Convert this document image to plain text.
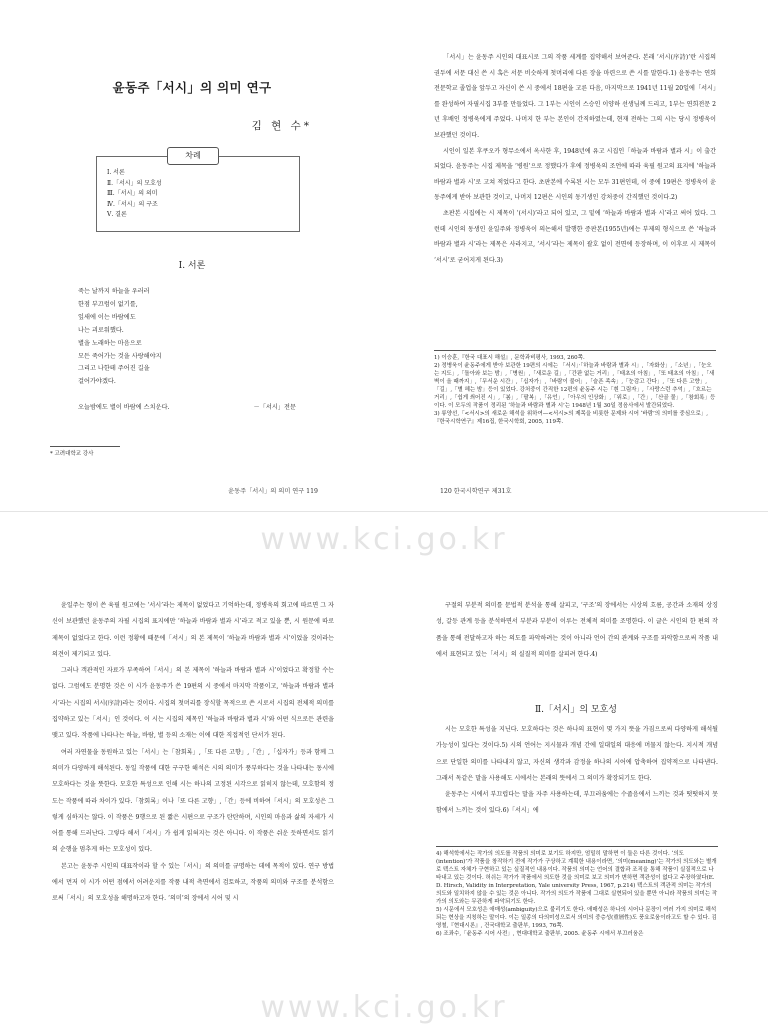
윤동주「서시」의 의미 연구
김 현 수*
차례
Ⅰ. 서론
Ⅱ.「서시」의 모호성
Ⅲ.「서시」의 의미
Ⅳ.「서시」의 구조
Ⅴ. 결론
Ⅰ. 서론
죽는 날까지 하늘을 우러러
한점 부끄럼이 없기를,
잎새에 이는 바람에도
나는 괴로워했다.
별을 노래하는 마음으로
모든 죽어가는 것을 사랑해야지
그리고 나한테 주어진 길을
걸어가야겠다.
오늘밤에도 별이 바람에 스치운다.	－「서시」전문
* 고려대학교 강사
윤동주「서시」의 의미 연구 119

「서시」는 윤동주 시인의 대표시로 그의 작품 세계를 집약해서 보여준다. 본래 ‘서시(序詩)’란 시집의 권두에 서문 대신 쓴 시 혹은 서문 비슷하게 첫머리에 다른 장을 마련으로 쓴 시를 말한다.1) 윤동주는 연희전문학교 졸업을 앞두고 자신이 쓴 시 중에서 18편을 고른 다음, 마지막으로 1941년 11월 20일에「서시」를 완성하여 자필시집 3부를 만들었다. 그 1부는 시인이 스승인 이양하 선생님께 드리고, 1부는 연희전문 2년 후배인 정병욱에게 주었다. 나머지 한 부는 본인이 간직하였는데, 현재 전하는 그의 시는 당시 정병욱이 보관했던 것이다.

시인이 일본 후쿠오카 형무소에서 옥사한 후, 1948년에 유고 시집인「하늘과 바람과 별과 시」이 출간되었다. 윤동주는 시집 제목을 ‘병원’으로 정했다가 후에 정병욱의 조언에 따라 육필 원고의 표지에 ‘하늘과 바람과 별과 시’로 고쳐 적었다고 한다. 초판본에 수록된 시는 모두 31편인데, 이 중에 19편은 정병욱이 윤동주에게 받아 보관한 것이고, 나머지 12편은 시인의 동기생인 강처중이 간직했던 것이다.2)

초판본 시집에는 시 제목이 ‘(서시)’라고 되어 있고, 그 밑에 ‘하늘과 바람과 별과 시’라고 써어 있다. 그런데 시인의 동생인 윤일주와 정병욱이 의논해서 발행한 증판본(1955년)에는 부제의 형식으로 쓴 ‘하늘과 바람과 별과 시’라는 제목은 사라지고, ‘서시’라는 제목이 괄호 없이 전면에 등장하며, 이 이후로 시 제목이 ‘서시’로 굳어지게 된다.3)

1) 이승훈,『한국 대표시 해설』, 문학과비평사, 1993, 260쪽.
2) 정병욱이 윤동주에게 받아 보관한 19편의 시에는 「서시」·「하늘과 바람과 별과 시」,「자화상」,「소년」,「눈오는 지도」,「돌아와 보는 밤」,「병원」,「새로운 길」,「간판 없는 거리」,「태초의 아침」,「또 태초의 아침」,「새벽이 올 때까지」,「무서운 시간」,「십자가」,「바람이 불어」,「슬픈 족속」,「눈감고 간다」,「또 다른 고향」,「길」,「별 헤는 밤」등이 있었다. 강처중이 간직한 12편의 윤동주 시는「흰 그림자」,「사랑스런 추억」,「흐르는 거리」,「쉽게 씌어진 시」,「봄」,「팔복」,「유언」,「아우의 인상화」,「위로」,「간」,「산골 물」,「참회록」등이다. 이 모두의 작품이 정리된 ‘하늘과 바람과 별과 시’는 1948년 1월 30일 정음사에서 발간되었다.
3) 류양선,「<서시>의 새로운 해석을 위하여—<서시>의 제목을 비롯한 문제와 시어 ‘바람’의 의미를 중심으로」,『한국시학연구』제16집, 한국시학회, 2005, 119쪽.
120 한국시학연구 제31호

윤일주는 형이 쓴 육필 원고에는 ‘서시’라는 제목이 없었다고 기억하는데, 정병욱의 회고에 따르면 그 자신이 보관했던 윤동주의 자필 시집의 표지에만 ‘하늘과 바람과 별과 시’라고 적고 있을 뿐, 시 원문에 따로 제목이 없었다고 한다. 이런 정황에 때문에「서시」의 본 제목이 ‘하늘과 바람과 별과 시’이었을 것이라는 의견이 제기되고 있다.

그러나 객관적인 자료가 부족하여「서시」의 본 제목이 ‘하늘과 바람과 별과 시’이었다고 확정할 수는 없다. 그럼에도 분명한 것은 이 시가 윤동주가 쓴 19편의 시 중에서 마지막 작품이고, ‘하늘과 바람과 별과 시’라는 시집의 서시(序詩)라는 것이다. 시집의 첫머리를 장식할 목적으로 쓴 시로서 시집의 전체적 의미를 집약하고 있는「서시」인 것이다. 이 시는 시집의 제목인 ‘하늘과 바람과 별과 시’와 어떤 식으로든 관련을 맺고 있다. 작품에 나타나는 하늘, 바람, 별 등의 소재는 이에 대한 직접적인 단서가 된다.

여러 자연물을 동원하고 있는「서시」는「참회록」,「또 다른 고향」,「간」,「십자가」등과 함께 그 의미가 다양하게 해석된다. 동일 작품에 대한 구구한 해석은 시의 의미가 풍부하다는 것을 나타내는 동시에 모호하다는 것을 뜻한다. 모호한 특성으로 인해 시는 하나의 고정된 시각으로 읽히지 않는데, 모호함의 정도는 작품에 따라 차이가 있다.「참회록」이나「또 다른 고향」,「간」등에 비하여「서시」의 모호성은 그렇게 심하지는 않다. 이 작품은 9행으로 된 짧은 시편으로 구조가 탄탄하며, 시인의 마음과 삶의 자세가 시어를 통해 드러난다. 그렇다 해서「서시」가 쉽게 읽혀지는 것은 아니다. 이 작품은 쉬운 듯하면서도 읽기의 순행을 멈추게 하는 모호성이 있다.

본고는 윤동주 시인의 대표작이라 할 수 있는「서시」의 의미를 규명하는 데에 목적이 있다. 연구 방법에서 먼저 이 시가 어떤 점에서 어려운지를 작품 내적 측면에서 검토하고, 작품의 의미와 구조를 분석함으로써「서시」의 모호성을 해명하고자 한다. ‘의미’의 장에서 시어 및 시

구절의 부분적 의미를 문법적 분석을 통해 살피고, ‘구조’의 장에서는 시상의 흐름, 공간과 소재의 상징성, 갈등 관계 등을 분석하면서 부분과 부분이 이루는 전체적 의미를 조명한다. 이 글은 시인의 한 편의 작품을 통해 전달하고자 하는 의도를 파악하려는 것이 아니라 언어 간의 관계와 구조를 파악함으로써 작품 내에서 표현되고 있는「서시」의 실질적 의미를 살피려 한다.4)

Ⅱ.「서시」의 모호성

시는 모호한 특성을 지닌다. 모호하다는 것은 하나의 표현이 몇 가지 뜻을 가짐으로써 다양하게 해석될 가능성이 있다는 것이다.5) 시의 언어는 지시물과 개념 간에 일대일의 대응에 머물지 않는다. 지시적 개념으로 단일한 의미를 나타내지 않고, 자신의 생각과 감정을 하나의 시어에 압축하여 집약적으로 나타낸다. 그래서 독같은 말을 사용해도 시에서는 본래의 뜻에서 그 의미가 확장되기도 한다.

윤동주는 시에서 부끄럽다는 말을 자주 사용하는데, 부끄러움에는 수줍음에서 느끼는 것과 떳떳하지 못함에서 느끼는 것이 있다.6)「서시」에

4) 해석학에서는 작가의 의도를 작품의 의미로 보기도 하지만, 엄밀히 말하면 이 둘은 다른 것이다. ‘의도(intention)’가 작품을 창작하기 전에 작가가 구상하고 계획한 내용이라면, ‘의미(meaning)’는 작가의 의도와는 별개로 텍스트 자체가 구현하고 있는 실질적인 내용이다. 작품의 의미는 언어의 결합과 조직을 통해 작품이 실질적으로 나타내고 있는 것이다. 허쉬는 작가가 작품에서 의도한 것을 의미로 보고 의미가 변하면 객관성이 없다고 주장하였다(E. D. Hirsch, Validity in Interpretation, Yale university Press, 1967, p.214) 텍스트의 객관적 의미는 작가의 의도와 일치하지 않을 수 있는 것은 아니다. 작가의 의도가 작품에 그대로 실현되어 있을 뿐만 아니라 작품의 의미는 작가의 의도와는 무관하게 파악되기도 한다.
5) 시문에서 모호성은 애매성(ambiguity)으로 불리기도 한다. 애매성은 하나의 시어나 문장이 여러 가지 의미로 해석되는 현상을 지칭하는 말이다. 이는 일종의 다의미성으로서 의미의 중층성(重層性)도 풍요로움이라고도 할 수 있다. 김영철,『현대시론』, 건국대학교 출판부, 1993, 76쪽.
6) 조좌수,「윤동주 시어 사전」, 현대대학교 출판부, 2005. 윤동주 시에서 부끄러움은
www.kci.go.kr
www.kci.go.kr
